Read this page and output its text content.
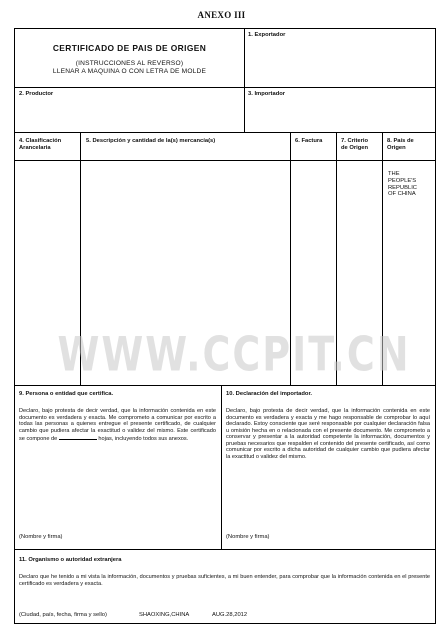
ANEXO III
CERTIFICADO DE PAIS DE ORIGEN
(INSTRUCCIONES AL REVERSO)
LLENAR A MAQUINA O CON LETRA DE MOLDE
1. Exportador
2. Productor	3. Importador
4. Clasificación
Arancelaria
5. Descripción y cantidad de la(s) mercancía(s)	6. Factura	7. Criterio
de Origen
8. País de
Origen
THE
PEOPLE'S
REPUBLIC
OF CHINA
WWW.CCPIT.CN
9. Persona o entidad que certifica.
Declaro, bajo protesta de decir verdad, que la información contenida en este documento es verdadera y exacta. Me comprometo a comunicar por escrito a todas las personas a quienes entregue el presente certificado, de cualquier cambio que pudiera afectar la exactitud o validez del mismo. Este certificado se compone de	hojas, incluyendo todos sus anexos.
(Nombre y firma)
10. Declaración del importador.
Declaro, bajo protesta de decir verdad, que la información contenida en este documento es verdadera y exacta y me hago responsable de comprobar lo aquí declarado. Estoy consciente que seré responsable por cualquier declaración falsa u omisión hecha en o relacionada con el presente documento. Me comprometo a conservar y presentar a la autoridad competente la información, documentos y pruebas necesarios que respalden el contenido del presente certificado, así como comunicar por escrito a dicha autoridad de cualquier cambio que pudiera afectar la exactitud o validez del mismo.
(Nombre y firma)
11. Organismo o autoridad extranjera
Declaro que he tenido a mi vista la información, documentos y pruebas suficientes, a mi buen entender, para comprobar que la información contenida en el presente certificado es verdadera y exacta.
(Ciudad, país, fecha, firma y sello)	SHAOXING,CHINA	AUG.28,2012
